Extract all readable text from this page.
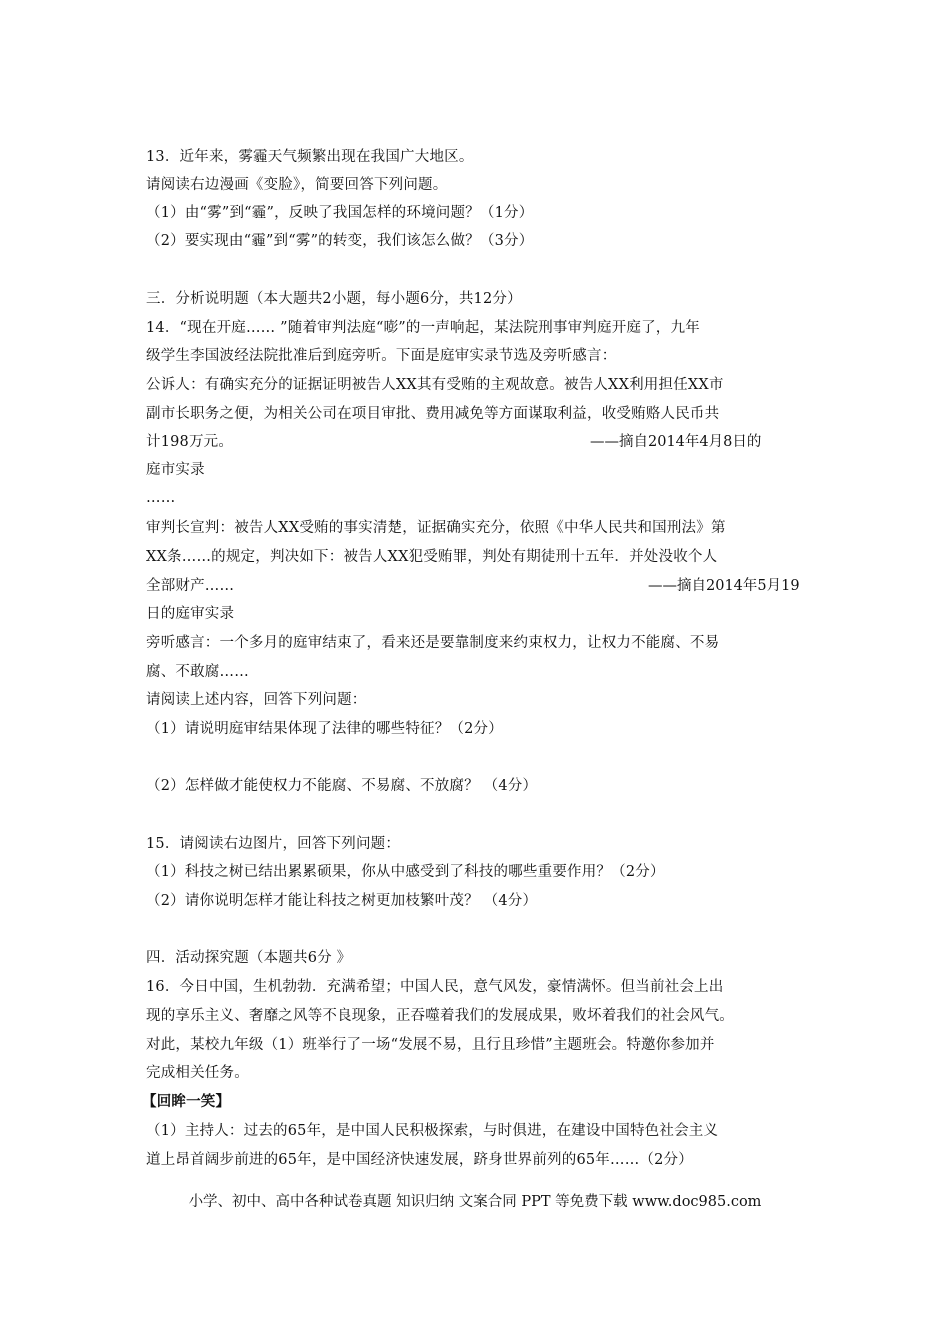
13．近年来，雾霾天气频繁出现在我国广大地区。
请阅读右边漫画《变脸》，简要回答下列问题。
（1）由“雾”到“霾”，反映了我国怎样的环境问题？（1分）
（2）要实现由“霾”到“雾”的转变，我们该怎么做？（3分）
三．分析说明题（本大题共2小题，每小题6分，共12分）
14．“现在开庭…… ”随着审判法庭“嘭”的一声响起，某法院刑事审判庭开庭了，九年
级学生李国波经法院批准后到庭旁听。下面是庭审实录节选及旁听感言：
公诉人：有确实充分的证据证明被告人XX其有受贿的主观故意。被告人XX利用担任XX市
副市长职务之便，为相关公司在项目审批、费用减免等方面谋取利益，收受贿赂人民币共
计198万元。	——摘自2014年4月8日的
庭市实录
……
审判长宣判：被告人XX受贿的事实清楚，证据确实充分，依照《中华人民共和国刑法》第
XX条……的规定，判决如下：被告人XX犯受贿罪，判处有期徒刑十五年．并处没收个人
全部财产……	——摘自2014年5月19
日的庭审实录
旁听感言：一个多月的庭审结束了，看来还是要靠制度来约束权力，让权力不能腐、不易
腐、不敢腐……
请阅读上述内容，回答下列问题：
（1）请说明庭审结果体现了法律的哪些特征？（2分）
（2）怎样做才能使权力不能腐、不易腐、不放腐？ （4分）
15．请阅读右边图片，回答下列问题：
（1）科技之树已结出累累硕果，你从中感受到了科技的哪些重要作用？（2分）
（2）请你说明怎样才能让科技之树更加枝繁叶茂？ （4分）
四．活动探究题（本题共6分 》
16．今日中国，生机勃勃．充满希望；中国人民，意气风发，豪情满怀。但当前社会上出
现的享乐主义、奢靡之风等不良现象，正吞噬着我们的发展成果，败坏着我们的社会风气。
对此，某校九年级（1）班举行了一场“发展不易，且行且珍惜”主题班会。特邀你参加并
完成相关任务。
【回眸一笑】
（1）主持人：过去的65年，是中国人民积极探索，与时俱进，在建设中国特色社会主义
道上昂首阔步前进的65年，是中国经济快速发展，跻身世界前列的65年……（2分）
小学、初中、高中各种试卷真题 知识归纳 文案合同 PPT 等免费下载 www.doc985.com
